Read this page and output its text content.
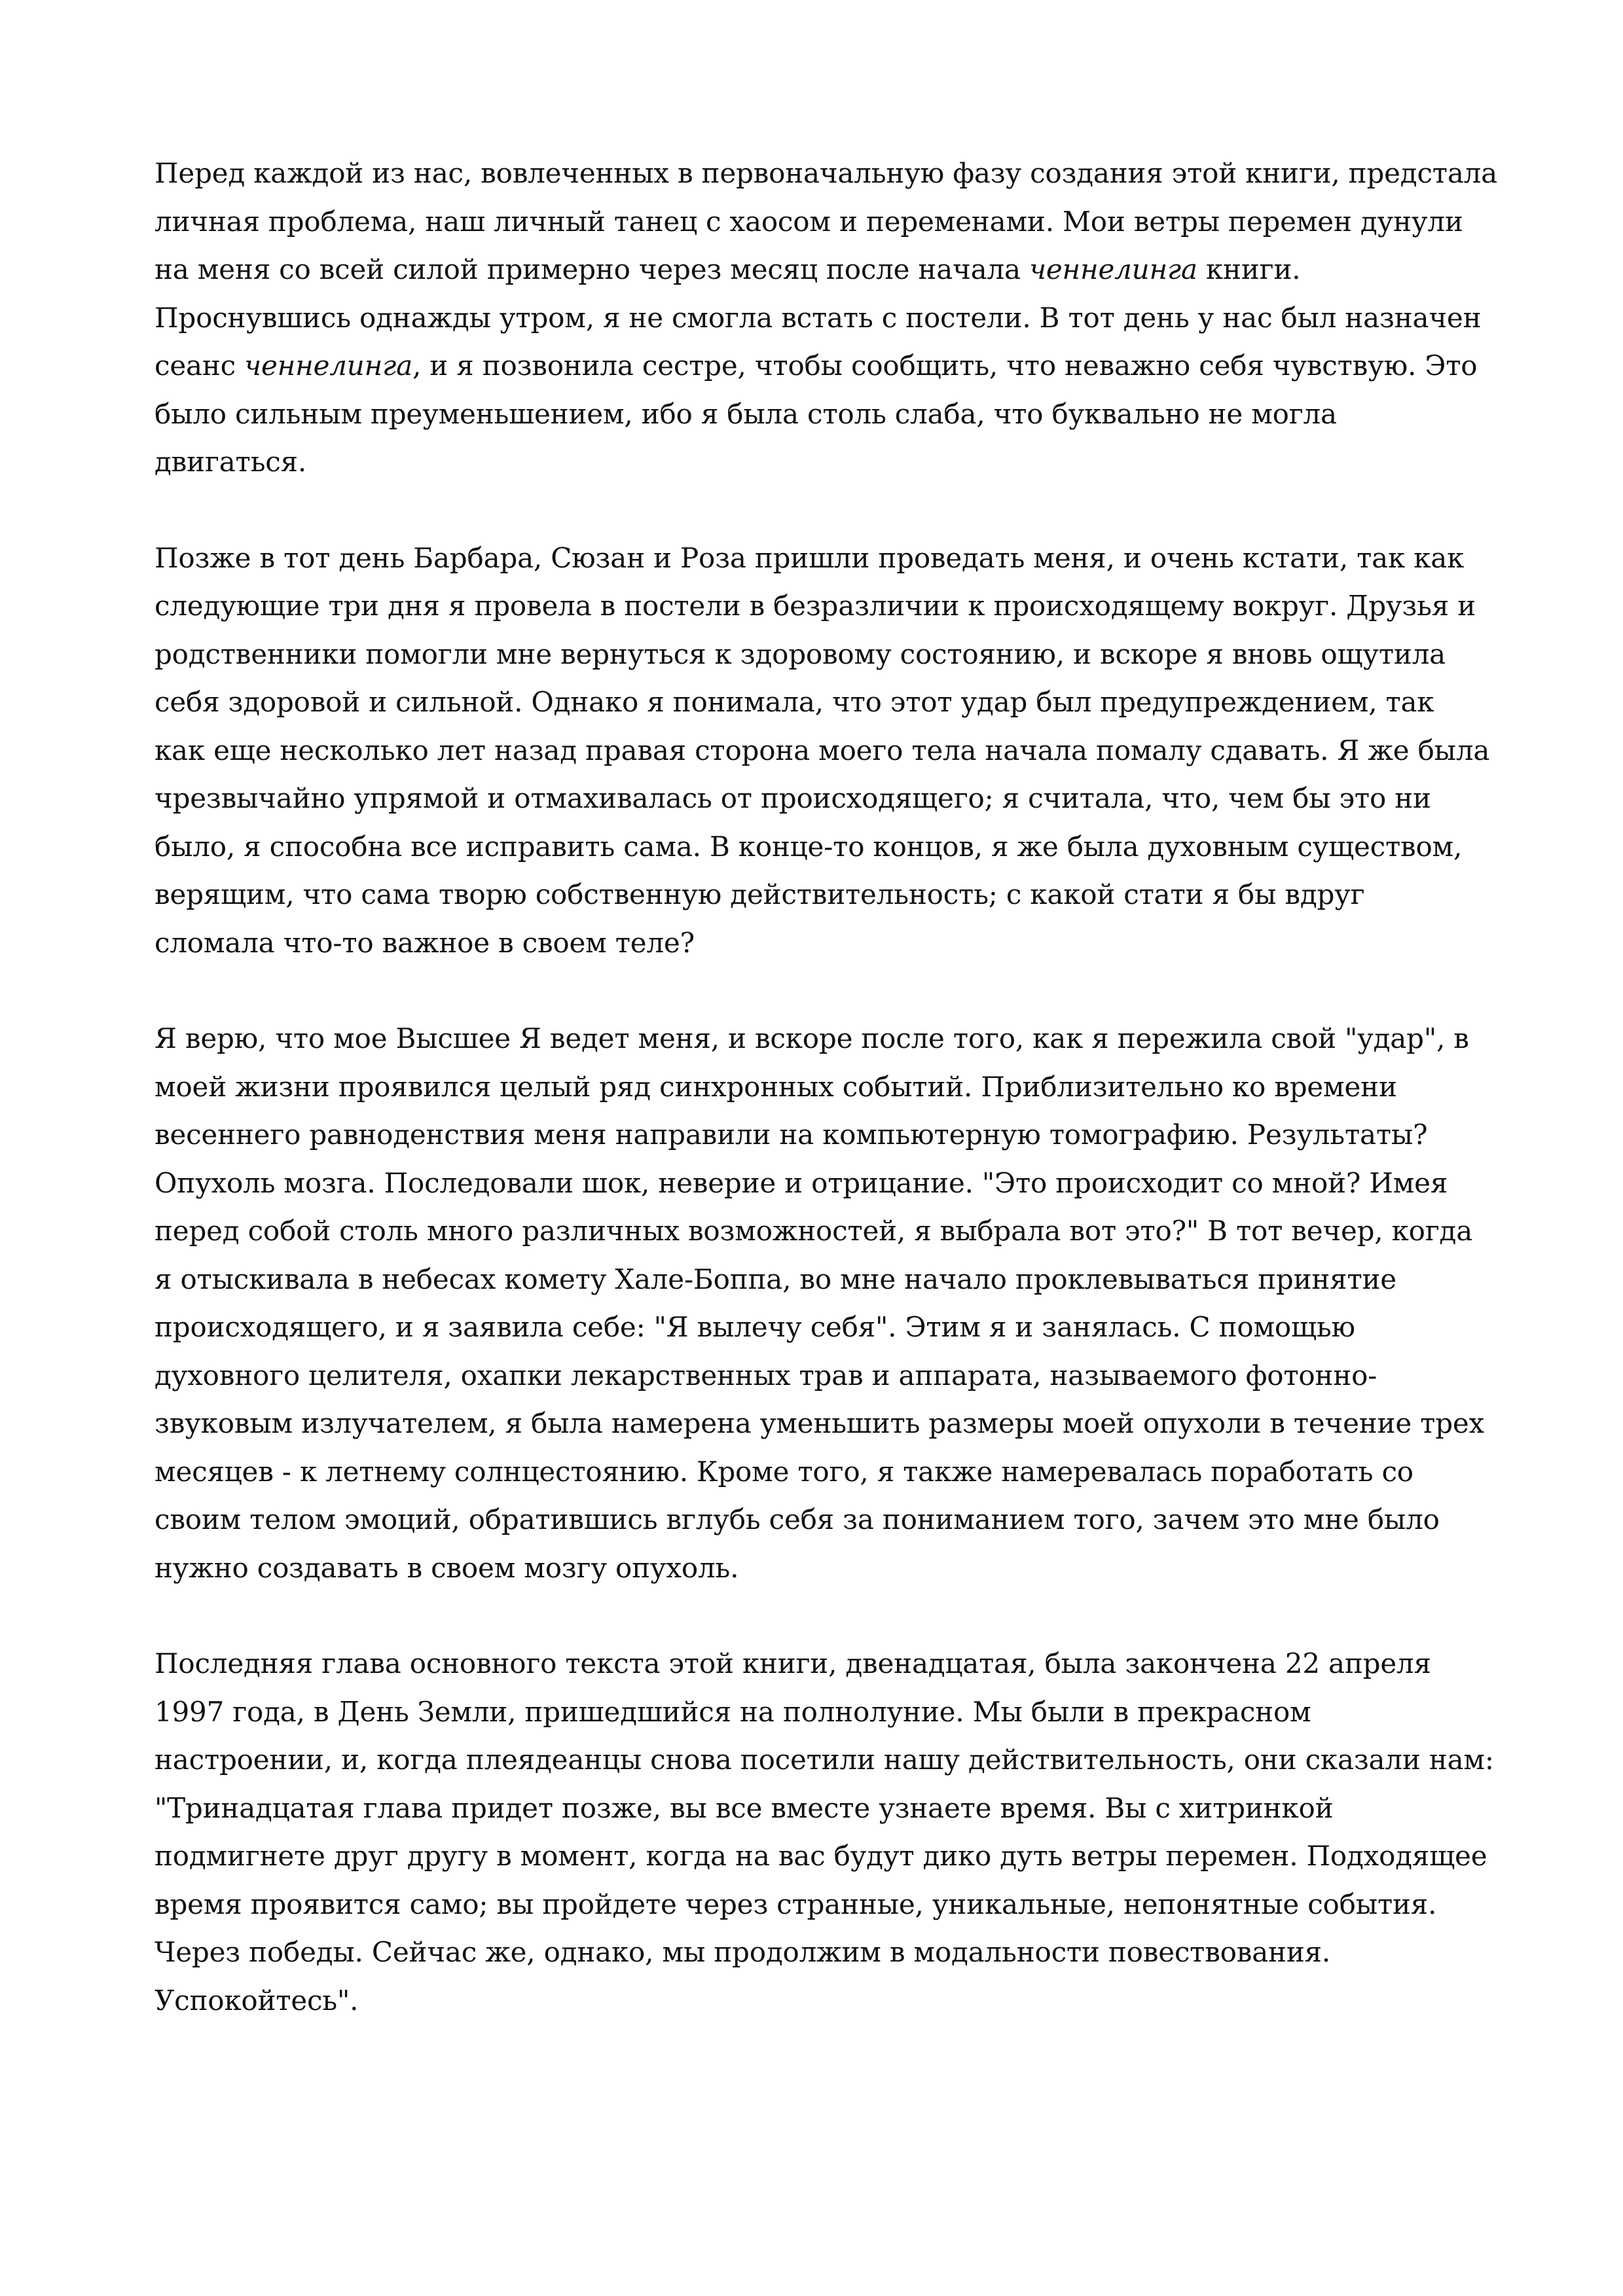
Перед каждой из нас, вовлеченных в первоначальную фазу создания этой книги, предстала
личная проблема, наш личный танец с хаосом и переменами. Мои ветры перемен дунули
на меня со всей силой примерно через месяц после начала ченнелинга книги.
Проснувшись однажды утром, я не смогла встать с постели. В тот день у нас был назначен
сеанс ченнелинга, и я позвонила сестре, чтобы сообщить, что неважно себя чувствую. Это
было сильным преуменьшением, ибо я была столь слаба, что буквально не могла
двигаться.
Позже в тот день Барбара, Сюзан и Роза пришли проведать меня, и очень кстати, так как
следующие три дня я провела в постели в безразличии к происходящему вокруг. Друзья и
родственники помогли мне вернуться к здоровому состоянию, и вскоре я вновь ощутила
себя здоровой и сильной. Однако я понимала, что этот удар был предупреждением, так
как еще несколько лет назад правая сторона моего тела начала помалу сдавать. Я же была
чрезвычайно упрямой и отмахивалась от происходящего; я считала, что, чем бы это ни
было, я способна все исправить сама. В конце-то концов, я же была духовным существом,
верящим, что сама творю собственную действительность; с какой стати я бы вдруг
сломала что-то важное в своем теле?
Я верю, что мое Высшее Я ведет меня, и вскоре после того, как я пережила свой "удар", в
моей жизни проявился целый ряд синхронных событий. Приблизительно ко времени
весеннего равноденствия меня направили на компьютерную томографию. Результаты?
Опухоль мозга. Последовали шок, неверие и отрицание. "Это происходит со мной? Имея
перед собой столь много различных возможностей, я выбрала вот это?" В тот вечер, когда
я отыскивала в небесах комету Хале-Боппа, во мне начало проклевываться принятие
происходящего, и я заявила себе: "Я вылечу себя". Этим я и занялась. С помощью
духовного целителя, охапки лекарственных трав и аппарата, называемого фотонно-
звуковым излучателем, я была намерена уменьшить размеры моей опухоли в течение трех
месяцев - к летнему солнцестоянию. Кроме того, я также намеревалась поработать со
своим телом эмоций, обратившись вглубь себя за пониманием того, зачем это мне было
нужно создавать в своем мозгу опухоль.
Последняя глава основного текста этой книги, двенадцатая, была закончена 22 апреля
1997 года, в День Земли, пришедшийся на полнолуние. Мы были в прекрасном
настроении, и, когда плеядеанцы снова посетили нашу действительность, они сказали нам:
"Тринадцатая глава придет позже, вы все вместе узнаете время. Вы с хитринкой
подмигнете друг другу в момент, когда на вас будут дико дуть ветры перемен. Подходящее
время проявится само; вы пройдете через странные, уникальные, непонятные события.
Через победы. Сейчас же, однако, мы продолжим в модальности повествования.
Успокойтесь".
